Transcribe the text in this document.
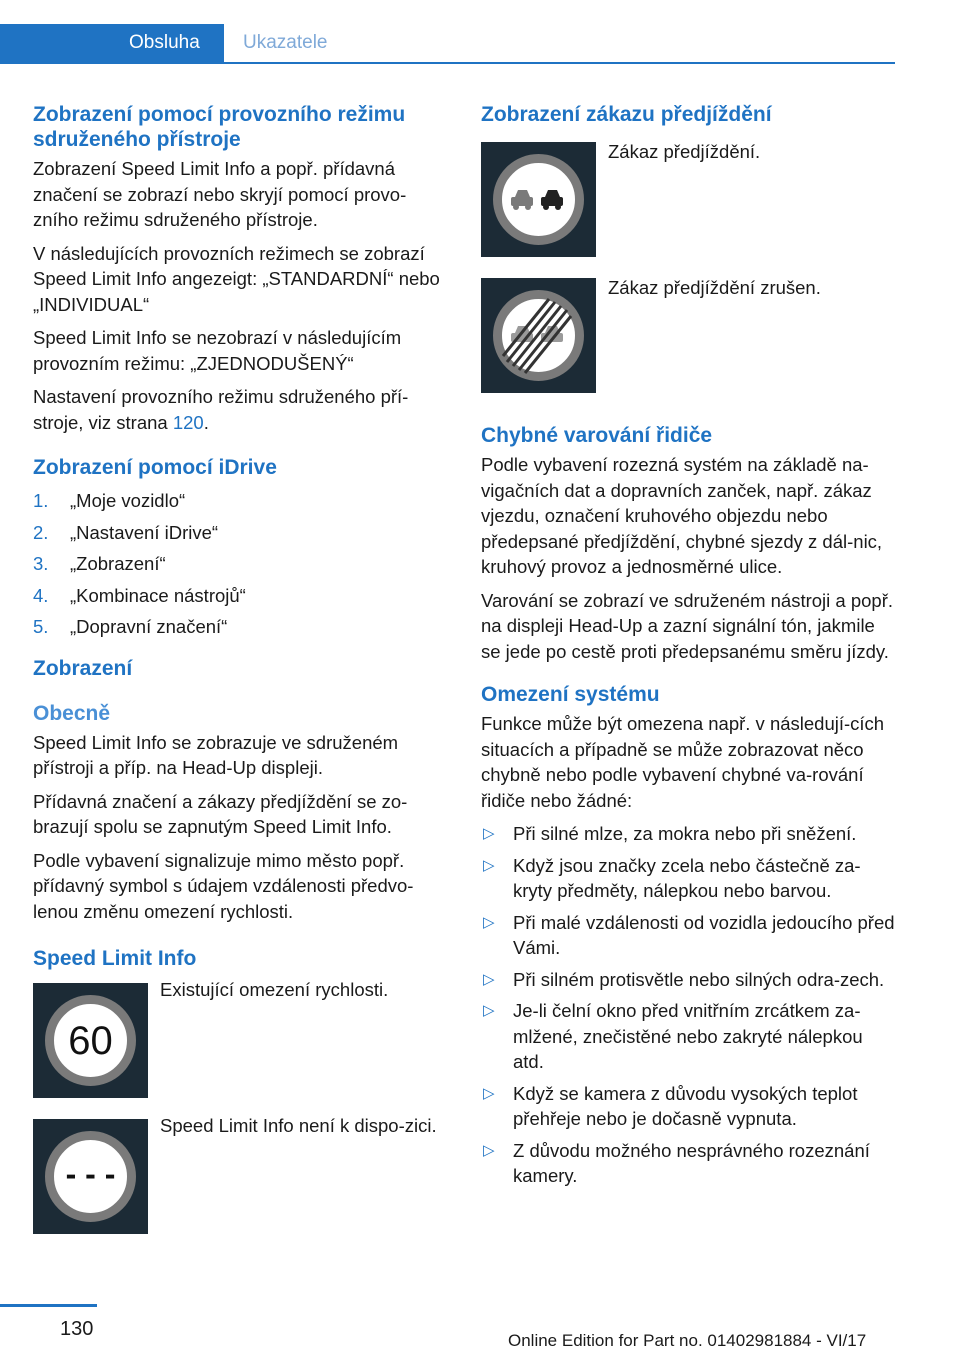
Obsluha Ukazatele
Zobrazení pomocí provozního režimu sdruženého přístroje

Zobrazení Speed Limit Info a popř. přídavná značení se zobrazí nebo skryjí pomocí provo-zního režimu sdruženého přístroje.

V následujících provozních režimech se zobrazí Speed Limit Info angezeigt: „STANDARDNÍ“ nebo „INDIVIDUAL“

Speed Limit Info se nezobrazí v následujícím provozním režimu: „ZJEDNODUŠENÝ“

Nastavení provozního režimu sdruženého pří-stroje, viz strana 120.

Zobrazení pomocí iDrive
1. „Moje vozidlo“
2. „Nastavení iDrive“
3. „Zobrazení“
4. „Kombinace nástrojů“
5. „Dopravní značení“
Zobrazení
Obecně

Speed Limit Info se zobrazuje ve sdruženém přístroji a příp. na Head-Up displeji.

Přídavná značení a zákazy předjíždění se zo-brazují spolu se zapnutým Speed Limit Info.

Podle vybavení signalizuje mimo město popř. přídavný symbol s údajem vzdálenosti předvo-lenou změnu omezení rychlosti.

Speed Limit Info
60
Existující omezení rychlosti.
- - -
Speed Limit Info není k dispo-zici.
Zobrazení zákazu předjíždění
Zákaz předjíždění.
Zákaz předjíždění zrušen.
Chybné varování řidiče

Podle vybavení rozezná systém na základě na-vigačních dat a dopravních zanček, např. zákaz vjezdu, označení kruhového objezdu nebo předepsané předjíždění, chybné sjezdy z dál-nic, kruhový provoz a jednosměrné ulice.

Varování se zobrazí ve sdruženém nástroji a popř. na displeji Head-Up a zazní signální tón, jakmile se jede po cestě proti předepsanému směru jízdy.

Omezení systému

Funkce může být omezena např. v následují-cích situacích a případně se může zobrazovat něco chybně nebo podle vybavení chybné va-rování řidiče nebo žádné:

▷ Při silné mlze, za mokra nebo při sněžení.
▷ Když jsou značky zcela nebo částečně za-kryty předměty, nálepkou nebo barvou.
▷ Při malé vzdálenosti od vozidla jedoucího před Vámi.
▷ Při silném protisvětle nebo silných odra-zech.
▷ Je-li čelní okno před vnitřním zrcátkem za-mlžené, znečistěné nebo zakryté nálepkou atd.
▷ Když se kamera z důvodu vysokých teplot přehřeje nebo je dočasně vypnuta.
▷ Z důvodu možného nesprávného rozeznání kamery.
130
Online Edition for Part no. 01402981884 - VI/17
